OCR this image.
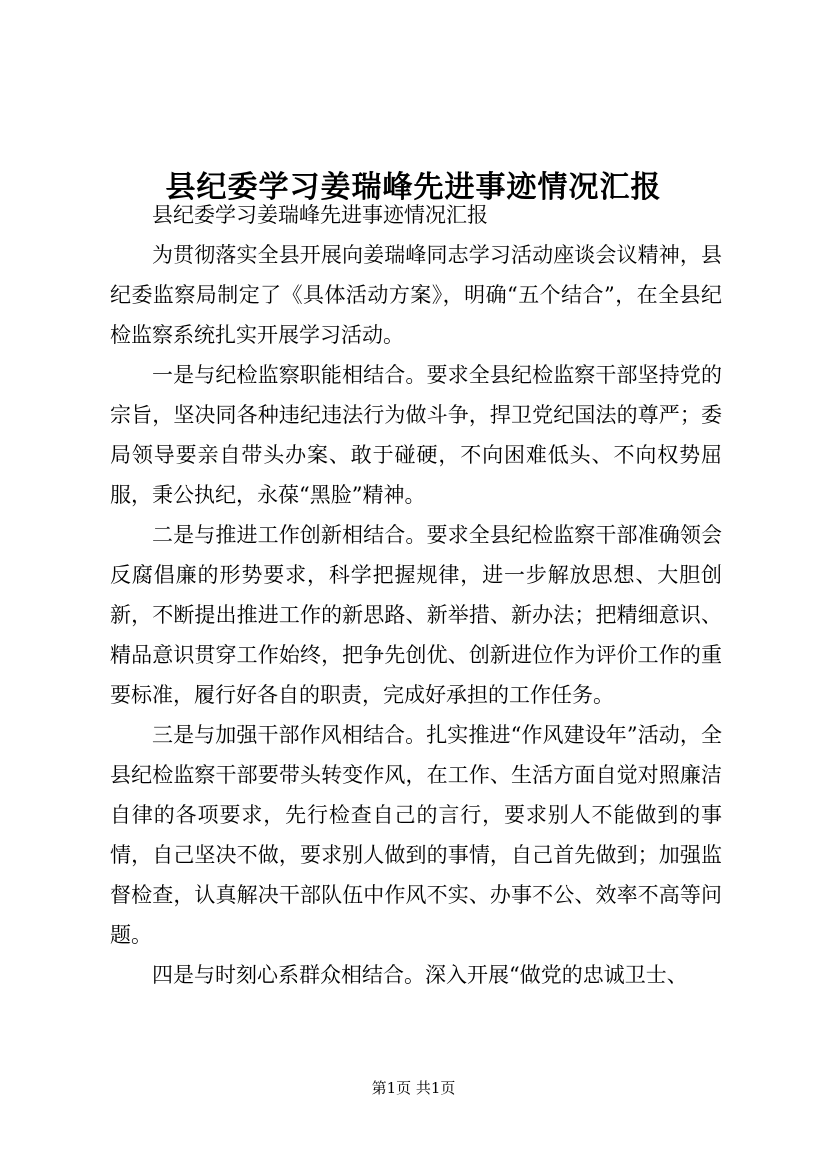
县纪委学习姜瑞峰先进事迹情况汇报

县纪委学习姜瑞峰先进事迹情况汇报

为贯彻落实全县开展向姜瑞峰同志学习活动座谈会议精神，县纪委监察局制定了《具体活动方案》，明确“五个结合”，在全县纪检监察系统扎实开展学习活动。

一是与纪检监察职能相结合。要求全县纪检监察干部坚持党的宗旨，坚决同各种违纪违法行为做斗争，捍卫党纪国法的尊严；委局领导要亲自带头办案、敢于碰硬，不向困难低头、不向权势屈服，秉公执纪，永葆“黑脸”精神。

二是与推进工作创新相结合。要求全县纪检监察干部准确领会反腐倡廉的形势要求，科学把握规律，进一步解放思想、大胆创新，不断提出推进工作的新思路、新举措、新办法；把精细意识、精品意识贯穿工作始终，把争先创优、创新进位作为评价工作的重要标准，履行好各自的职责，完成好承担的工作任务。

三是与加强干部作风相结合。扎实推进“作风建设年”活动，全县纪检监察干部要带头转变作风，在工作、生活方面自觉对照廉洁自律的各项要求，先行检查自己的言行，要求别人不能做到的事情，自己坚决不做，要求别人做到的事情，自己首先做到；加强监督检查，认真解决干部队伍中作风不实、办事不公、效率不高等问题。

四是与时刻心系群众相结合。深入开展“做党的忠诚卫士、

第1页 共1页
